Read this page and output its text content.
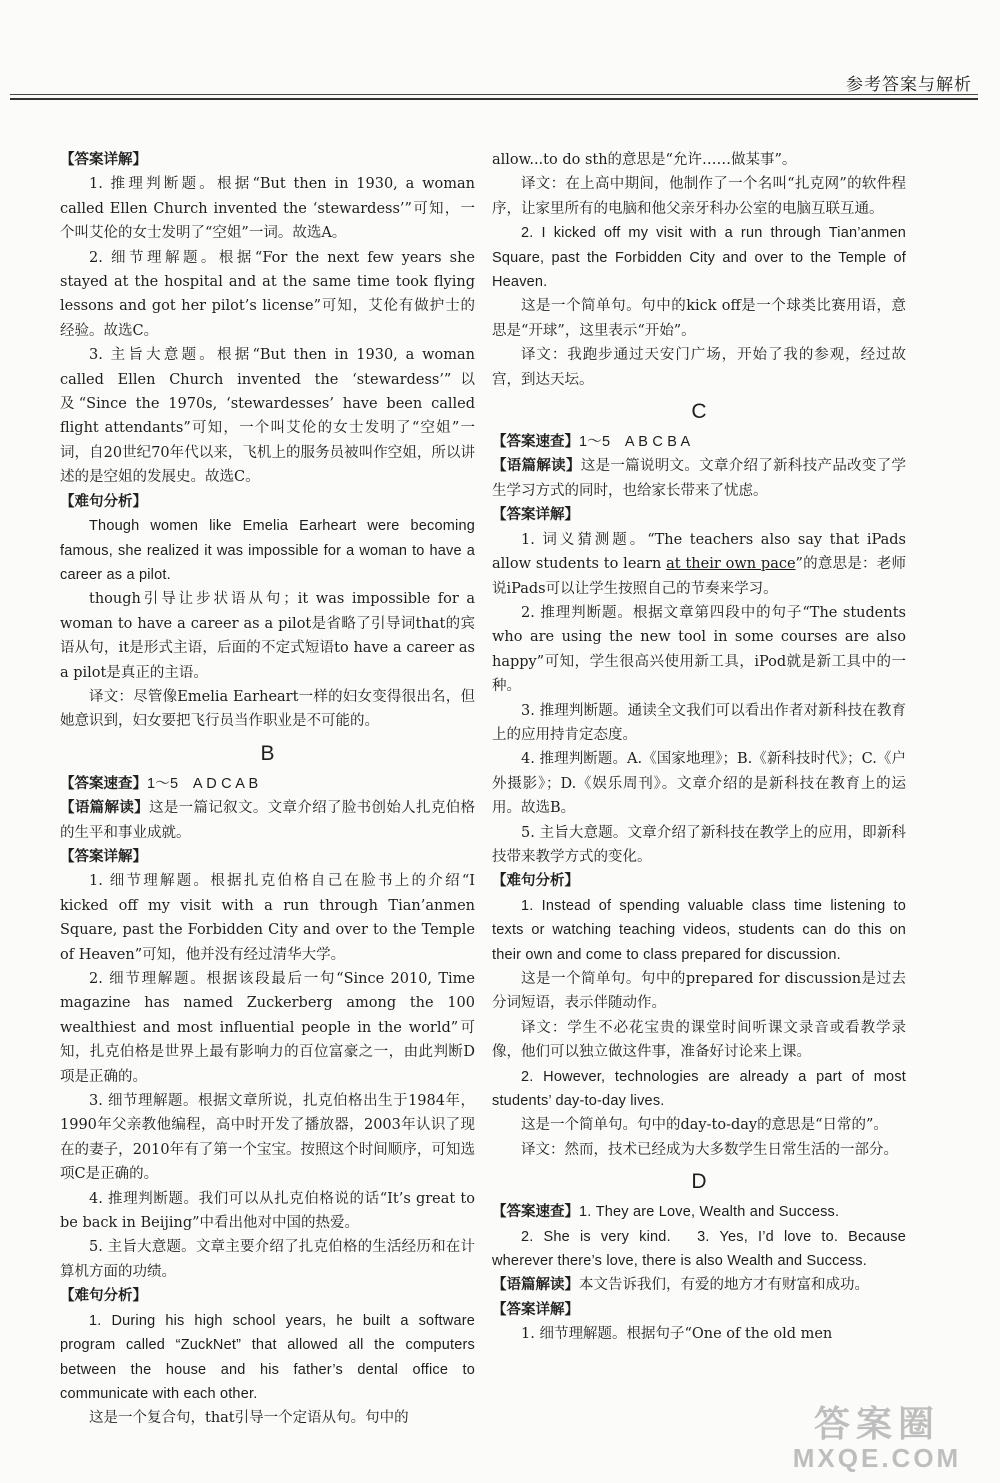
参考答案与解析

【答案详解】

1. 推理判断题。根据“But then in 1930, a woman called Ellen Church invented the ‘stewardess’”可知，一个叫艾伦的女士发明了“空姐”一词。故选A。

2. 细节理解题。根据“For the next few years she stayed at the hospital and at the same time took flying lessons and got her pilot’s license”可知，艾伦有做护士的经验。故选C。

3. 主旨大意题。根据“But then in 1930, a woman called Ellen Church invented the ‘stewardess’”以及“Since the 1970s, ‘stewardesses’ have been called flight attendants”可知，一个叫艾伦的女士发明了“空姐”一词，自20世纪70年代以来，飞机上的服务员被叫作空姐，所以讲述的是空姐的发展史。故选C。

【难句分析】

Though women like Emelia Earheart were becoming famous, she realized it was impossible for a woman to have a career as a pilot.

though引导让步状语从句；it was impossible for a woman to have a career as a pilot是省略了引导词that的宾语从句，it是形式主语，后面的不定式短语to have a career as a pilot是真正的主语。

译文：尽管像Emelia Earheart一样的妇女变得很出名，但她意识到，妇女要把飞行员当作职业是不可能的。

B

【答案速查】1～5　A D C A B

【语篇解读】这是一篇记叙文。文章介绍了脸书创始人扎克伯格的生平和事业成就。

【答案详解】

1. 细节理解题。根据扎克伯格自己在脸书上的介绍“I kicked off my visit with a run through Tian’anmen Square, past the Forbidden City and over to the Temple of Heaven”可知，他并没有经过清华大学。

2. 细节理解题。根据该段最后一句“Since 2010, Time magazine has named Zuckerberg among the 100 wealthiest and most influential people in the world”可知，扎克伯格是世界上最有影响力的百位富豪之一，由此判断D项是正确的。

3. 细节理解题。根据文章所说，扎克伯格出生于1984年，1990年父亲教他编程，高中时开发了播放器，2003年认识了现在的妻子，2010年有了第一个宝宝。按照这个时间顺序，可知选项C是正确的。

4. 推理判断题。我们可以从扎克伯格说的话“It’s great to be back in Beijing”中看出他对中国的热爱。

5. 主旨大意题。文章主要介绍了扎克伯格的生活经历和在计算机方面的功绩。

【难句分析】

1. During his high school years, he built a software program called “ZuckNet” that allowed all the computers between the house and his father’s dental office to communicate with each other.

这是一个复合句，that引导一个定语从句。句中的

allow...to do sth的意思是“允许……做某事”。

译文：在上高中期间，他制作了一个名叫“扎克网”的软件程序，让家里所有的电脑和他父亲牙科办公室的电脑互联互通。

2. I kicked off my visit with a run through Tian’anmen Square, past the Forbidden City and over to the Temple of Heaven.

这是一个简单句。句中的kick off是一个球类比赛用语，意思是“开球”，这里表示“开始”。

译文：我跑步通过天安门广场，开始了我的参观，经过故宫，到达天坛。

C

【答案速查】1～5　A B C B A

【语篇解读】这是一篇说明文。文章介绍了新科技产品改变了学生学习方式的同时，也给家长带来了忧虑。

【答案详解】

1. 词义猜测题。“The teachers also say that iPads allow students to learn at their own pace”的意思是：老师说iPads可以让学生按照自己的节奏来学习。

2. 推理判断题。根据文章第四段中的句子“The students who are using the new tool in some courses are also happy”可知，学生很高兴使用新工具，iPod就是新工具中的一种。

3. 推理判断题。通读全文我们可以看出作者对新科技在教育上的应用持肯定态度。

4. 推理判断题。A.《国家地理》；B.《新科技时代》；C.《户外摄影》；D.《娱乐周刊》。文章介绍的是新科技在教育上的运用。故选B。

5. 主旨大意题。文章介绍了新科技在教学上的应用，即新科技带来教学方式的变化。

【难句分析】

1. Instead of spending valuable class time listening to texts or watching teaching videos, students can do this on their own and come to class prepared for discussion.

这是一个简单句。句中的prepared for discussion是过去分词短语，表示伴随动作。

译文：学生不必花宝贵的课堂时间听课文录音或看教学录像，他们可以独立做这件事，准备好讨论来上课。

2. However, technologies are already a part of most students’ day-to-day lives.

这是一个简单句。句中的day-to-day的意思是“日常的”。

译文：然而，技术已经成为大多数学生日常生活的一部分。

D

【答案速查】1. They are Love, Wealth and Success.

2. She is very kind.　3. Yes, I’d love to. Because wherever there’s love, there is also Wealth and Success.

【语篇解读】本文告诉我们，有爱的地方才有财富和成功。

【答案详解】

1. 细节理解题。根据句子“One of the old men

答案圈
MXQE.COM
